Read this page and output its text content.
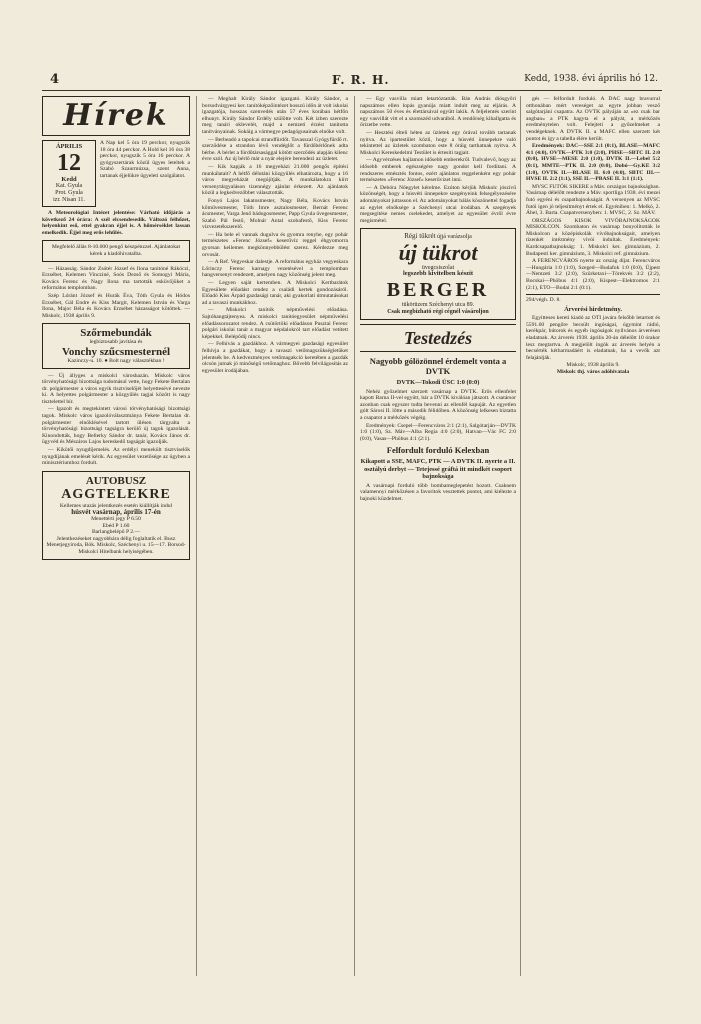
4	F. R. H.	Kedd, 1938. évi április hó 12.
Hírek
ÁPRILIS
12
Kedd
Kat. Gyula
Prot. Gyula
izr. Nisan 11.
A Nap kel 5 óra 19 perckor, nyugszik 18 óra 44 perckor. A Hold kel 16 óra 38 perckor, nyugszik 5 óra 16 perckor. A gyógyszertárak közül ügyes leteltek a Szabó Szaurmúzsa, szent Anna, tartanak éjjelükre ügyeleti szolgálatot.

A Meteorológiai Intézet jelentése: Várható időjárás a következő 24 órára: A szél elcsendesedik. Változó felhőzet, helyenkint eső, ettel gyakran éjjel is. A hőmérséklet lassan emelkedik. Éjjel meg erős lehűlés.

Megfelelő állás 8-10.000 pengő készpénzzel. Ajánlatokat kérek a kiadóhivatalba.

— Házasság. Sándor Zsótér József és Ilona tanitóné Rákóczi, Erzsébet, Kelemen Vincziné, Soós Dezső és Somogyi Mária, Kovács Ferenc és Nagy Ilona ma tartották esküvőjüket a református templomban.

Szép Lóránt József és Hurák Éva, Tóth Gyula és Hódos Erzsébet, Gál Endre és Kiss Margit, Kelemen István és Varga Ilona, Major Béla és Kovács Erzsébet házasságot kötöttek. — Miskolc, 1938 április 9.

Szőrmebundák
legbiztosabb javítása és
Vonchy szűcsmesternél
Kazinczy-u. 10. ● Bolt nagy választékban !

— Új állyges a miskolci városhazán. Miskolc város törvényhatósági bizottsága tudomásul vette, hogy Fekete Bertalan dr. polgármester a város egyik tisztviselőjét helyettesévé nevezte ki. A helyettes polgármester a közgyűlés tagjai között is nagy tisztelettel bír.

— Igazolt és megtekintett városi törvényhatósági bizottsági tagok. Miskolc város igazolóválasztmánya Fekete Bertalan dr. polgármester elnöklésével tartott ülésen tárgyalta a törvényhatósági bizottsági tagságra kerülő új tagok igazolását. Kinondották, hogy Bellerky Sándor dr. tanár, Kovács János dr. ügyvéd és Mészáros Lajos kereskedő tagságát igazolják.

— Kikötői nyugdíjemelés. Az erdélyi menekült tisztviselők nyugdíjának emelését kérik. Az egyesület vezetősége az ügyben a minisztériumhoz fordult.

AUTOBUSZ
AGGTELEKRE
Kellemes utazás jelentkezés esetén kiállítják indul
húsvét vasárnap, április 17-én
Menettérti jegy P 6.50
Ebéd P 1.60
Barlangbelépő P 2.—
Jelentkezéseket nagyobbára délig foglaltatik el. Busz Menetjegyiroda, Bók. Miskolc, Széchenyi u. 15—17. Borsod-Miskolci Hitelbank helyiségében.

— Meghalt Király Sándor igazgató. Király Sándor, a borsodvárgyesi ker. tanítóképzőintézet hosszú időn át volt iskolai igazgatója, hosszas szenvedés után 57 éves korában hétfőn elhunyt. Király Sándor Erdély szülötte volt. Két izben szerezte meg tanári oklevelét, majd a nemzeti érzést tanította tanítványainak. Sokáig a vármegye pedagógusainak elnöke volt.

— Berbeadó a tapolcai strandfürdőt. Tavasszal Gyógyfürdő rt. szerződése a strandon lévő vendéglőt a fürdőbérlőnek adta bérbe. A bérlet a fürdőtársasággal kötött szerződés alapján kilenc évre szól. Az új bérlő már a nyár elejére berendezi az üzletet.

— Kik kapják a 16 megyeházi 21.000 pengős építési munkálatait? A hétfő délutáni közgyűlés elhatározta, hogy a 16 város megyeházát megújítják. A munkálatokra kiírt versenytárgyaláson tizennégy ajánlat érkezett. Az ajánlatok közül a legkedvezőbbet választották.

Fonyó Lajos lakatosmester, Nagy Béla, Kovács István kőművesmester, Tóth Imre asztalosmester, Bernát Ferenc ácsmester, Varga Jenő bádogosmester, Papp Gyula üvegesmester, Szabó Pál festő, Molnár Antal szobafestő, Kiss Ferenc vízvezetékszerelő.

— Ha bele el vannak dugulva és gyomra renyhe, egy pohár természetes »Ferenc József« keserűvíz reggel éhgyomorra gyorsan kellemes megkönnyebbülést szerez. Kérdezze meg orvosát.

— A Ref. Vegyeskar dalestje. A református egyház vegyeskara Lőrinczy Ferenc karnagy vezetésével a templomban hangversenyt rendezett, amelyen nagy közönség jelent meg.

— Legyen saját kertemben. A Miskolci Kertbarátok Egyesülete előadást rendez a családi kertek gondozásáról. Előadó Kiss Árpád gazdasági tanár, aki gyakorlati útmutatásokat ad a tavaszi munkákhoz.

— Miskolci tanítók népművelési előadása. Sajtóhangtájtenyea. A miskolci tanítóegyesület népművelési előadássorozatot rendez. A csütörtöki előadáson Pusztai Ferenc polgári iskolai tanár a magyar népdalokról tart előadást vetített képekkel. Belépődíj nincs.

— Felhívás a gazdákhoz. A vármegyei gazdasági egyesület felhívja a gazdákat, hogy a tavaszi vetőmagszükségletüket jelentsék be. A kedvezményes vetőmagakció keretében a gazdák olcsón jutnak jó minőségű vetőmaghoz. Bővebb felvilágosítás az egyesület irodájában.

— Egy vasvilla miatt letartóztatták. Bán András diósgyőri napszámos ellen lopás gyanúja miatt indult meg az eljárás. A napszámos 50 éves és élettársával együtt lakik. A feljelentés szerint egy vasvillát vitt el a szomszéd udvarából. A rendőrség kihallgatta és őrizetbe vette.

— Hesztési élteli héten az üzletek egy órával tovább tartanak nyitva. Az ipartestület közli, hogy a húsvéti ünnepekre való tekintettel az üzletek szombaton este 8 óráig tarthatnak nyitva. A Miskolci Kereskedelmi Testület is értesíti tagjait.

— Agyvérzéses hajlamon idősebb emberekről. Tudvalevő, hogy az idősebb emberek egészségére nagy gondot kell fordítani. A rendszeres emésztés fontos, ezért ajánlatos reggelenként egy pohár természetes »Ferenc József« keserűvizet inni.

— A Debóra Nőegylet kérelme. Ezúton kérjük Miskolc jószívű közönségét, hogy a húsvéti ünnepekre szegényeink felsegélyezésére adományokat juttasson el. Az adományokat hálás köszönettel fogadja az egylet elnöksége a Széchenyi utcai irodában. A szegények megsegítése nemes cselekedet, amelyet az egyesület évről évre megismétel.

Régi tükrét újjá varázsolja
új tükrot
üvegcsiszolat
legszebb kivitelben készít
BERGER
tükörüzem Széchenyi utca 89.
Csak megbízható régi cégnél vásároljon
Testedzés
Nagyobb gólözönnel érdemelt vonta a DVTK
DVTK—Tokodi ÜSC 1:0 (0:0)

Nehéz győzelmet szerzett vasárnap a DVTK. Erős ellenfelet kapott Barna II-vel együtt, bár a DVTK kiválóan játszott. A csatársor azonban csak egyszer tudta bevenni az ellenfél kapuját. Az egyetlen gólt Sárosi II. lőtte a második félidőben. A közönség lelkesen biztatta a csapatot a mérkőzés végéig.

Eredmények: Csepel—Ferencváros 2:1 (2:1), Salgótarján—DVTK 1:0 (1:0), Sz. Máv—Alba Regia 4:0 (2:0), Hatvan—Vác FC 2:0 (0:0), Vasas—Phöbus 4:1 (2:1).

Felfordult forduló Kelexban
Kikapott a SSE, MAFC, PTK — A DVTK II. nyerte a II. osztályú derbyt — Tetejessé gráftá itt mindkét csoport bajnoksága

A vasárnapi forduló több bombameglepetést hozott. Csaknem valamennyi mérkőzésen a favoritok vesztettek pontot, ami kiélezte a bajnoki küzdelmet.

gés — felfordult forduló. A DAC nagy bravurral otthonában mért vereséget az egyre jobban vesző salgótarjáni csapatra. Az OVTK pályáján az »ez csak bar angban« a PTK hagyta el a pályát, a mérkőzés eredménytelen volt. Felejteti a győzelmeket a vendégeknek. A DVTK II. a MAFC ellen szerzett két pontot és így a tabella élére került.

Eredmények: DAC—SSE 2:1 (0:1), BLASE—MAFC 4:1 (4:0), OVTK—PTK 3:0 (2:0), PHSE—SBTC II. 2:0 (0:0), HVSE—MESE 2:0 (1:0), DVTK II.—Lebel 5:2 (0:1), MMTE—PTK II. 2:0 (0:0), Dobó—Gy.KE 3:2 (1:0), OVTK II.—BLASE II. 6:0 (4:0), SBTC III.—HVSE II. 2:2 (1:1), SSE II.—PBASE II. 3:1 (1:1).

MVSC FUTÓK SIKERE a Máv. országos bajnokságban. Vasárnap délelőtt rendezte a Máv. sportliga 1938. évi mezei futó egyéni és csapatbajnokságát. A versenyen az MVSC futói igen jó teljesítményt értek el. Egyéniben: 1. Melkó, 2. Ábel, 3. Barta. Csapatversenyben: 1. MVSC, 2. Sz. MÁV.

ORSZÁGOS KISOK VIVÓBAJNOKSÁGOK MISKOLCON. Szombaton és vasárnap bonyolították le Miskolcon a középiskolák vívóbajnokságait, amelyen tizenkét intézmény vívói indultak. Eredmények: Kardcsapatbajnokság: 1. Miskolci ker. gimnázium, 2. Budapesti ker. gimnázium, 3. Miskolci ref. gimnázium.

A FERENCVÁROS nyerte az ország díjat. Ferencváros—Hungária 1:0 (1:0), Szeged—Budafok 1:0 (0:0), Újpest—Nemzeti 3:2 (2:0), Szürketaxi—Törekvés 3:2 (2:2), Bocskai—Phöbus 4:1 (2:0), Kispest—Elektromos 2:1 (2:1), ETO—Budai 2:1 (0:1).

294/végh. D. 8.
Árverési hirdetmény.

Egyitteses kereti kiadó az OTI javára felsőbb letartott és 5591.60 pengőre becsült ingóságai, úgymint rádió, kerékpár, bútorok és egyéb ingóságok nyilvános árverésen eladatnak. Az árverés 1938. április 20-án délelőtt 10 órakor lesz megtartva. A megjelölt ingók az árverés helyén a becsérték kétharmadáért is eladatnak, ha a vevők azt felajánlják.

Miskolc, 1938 április 9.
Miskolc thj. város adóhivatala
